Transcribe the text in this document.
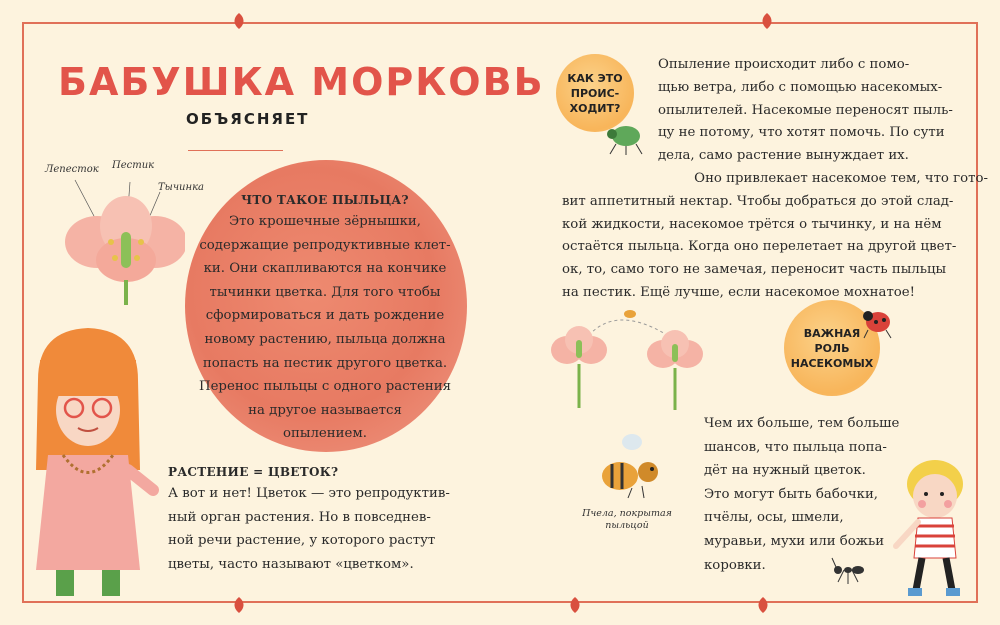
БАБУШКА МОРКОВЬ
ОБЪЯСНЯЕТ
Лепесток Пестик
Тычинка
ЧТО ТАКОЕ ПЫЛЬЦА?
Это крошечные зёрнышки,
содержащие репродуктивные клет-
ки. Они скапливаются на кончике
тычинки цветка. Для того чтобы
сформироваться и дать рождение
новому растению, пыльца должна
попасть на пестик другого цветка.
Перенос пыльцы с одного растения
на другое называется
опылением.
РАСТЕНИЕ = ЦВЕТОК?
А вот и нет! Цветок — это репродуктив-
ный орган растения. Но в повседнев-
ной речи растение, у которого растут
цветы, часто называют «цветком».
КАК ЭТО
ПРОИС-
ХОДИТ?
Опыление происходит либо с помо-
щью ветра, либо с помощью насекомых-
опылителей. Насекомые переносят пыль-
цу не потому, что хотят помочь. По сути
дела, само растение вынуждает их.
Оно привлекает насекомое тем, что гото-
вит аппетитный нектар. Чтобы добраться до этой слад-
кой жидкости, насекомое трётся о тычинку, и на нём
остаётся пыльца. Когда оно перелетает на другой цвет-
ок, то, само того не замечая, переносит часть пыльцы
на пестик. Ещё лучше, если насекомое мохнатое!
ВАЖНАЯ
РОЛЬ
НАСЕКОМЫХ
Пчела, покрытая
пыльцой
Чем их больше, тем больше
шансов, что пыльца попа-
дёт на нужный цветок.
Это могут быть бабочки,
пчёлы, осы, шмели,
муравьи, мухи или божьи
коровки.
